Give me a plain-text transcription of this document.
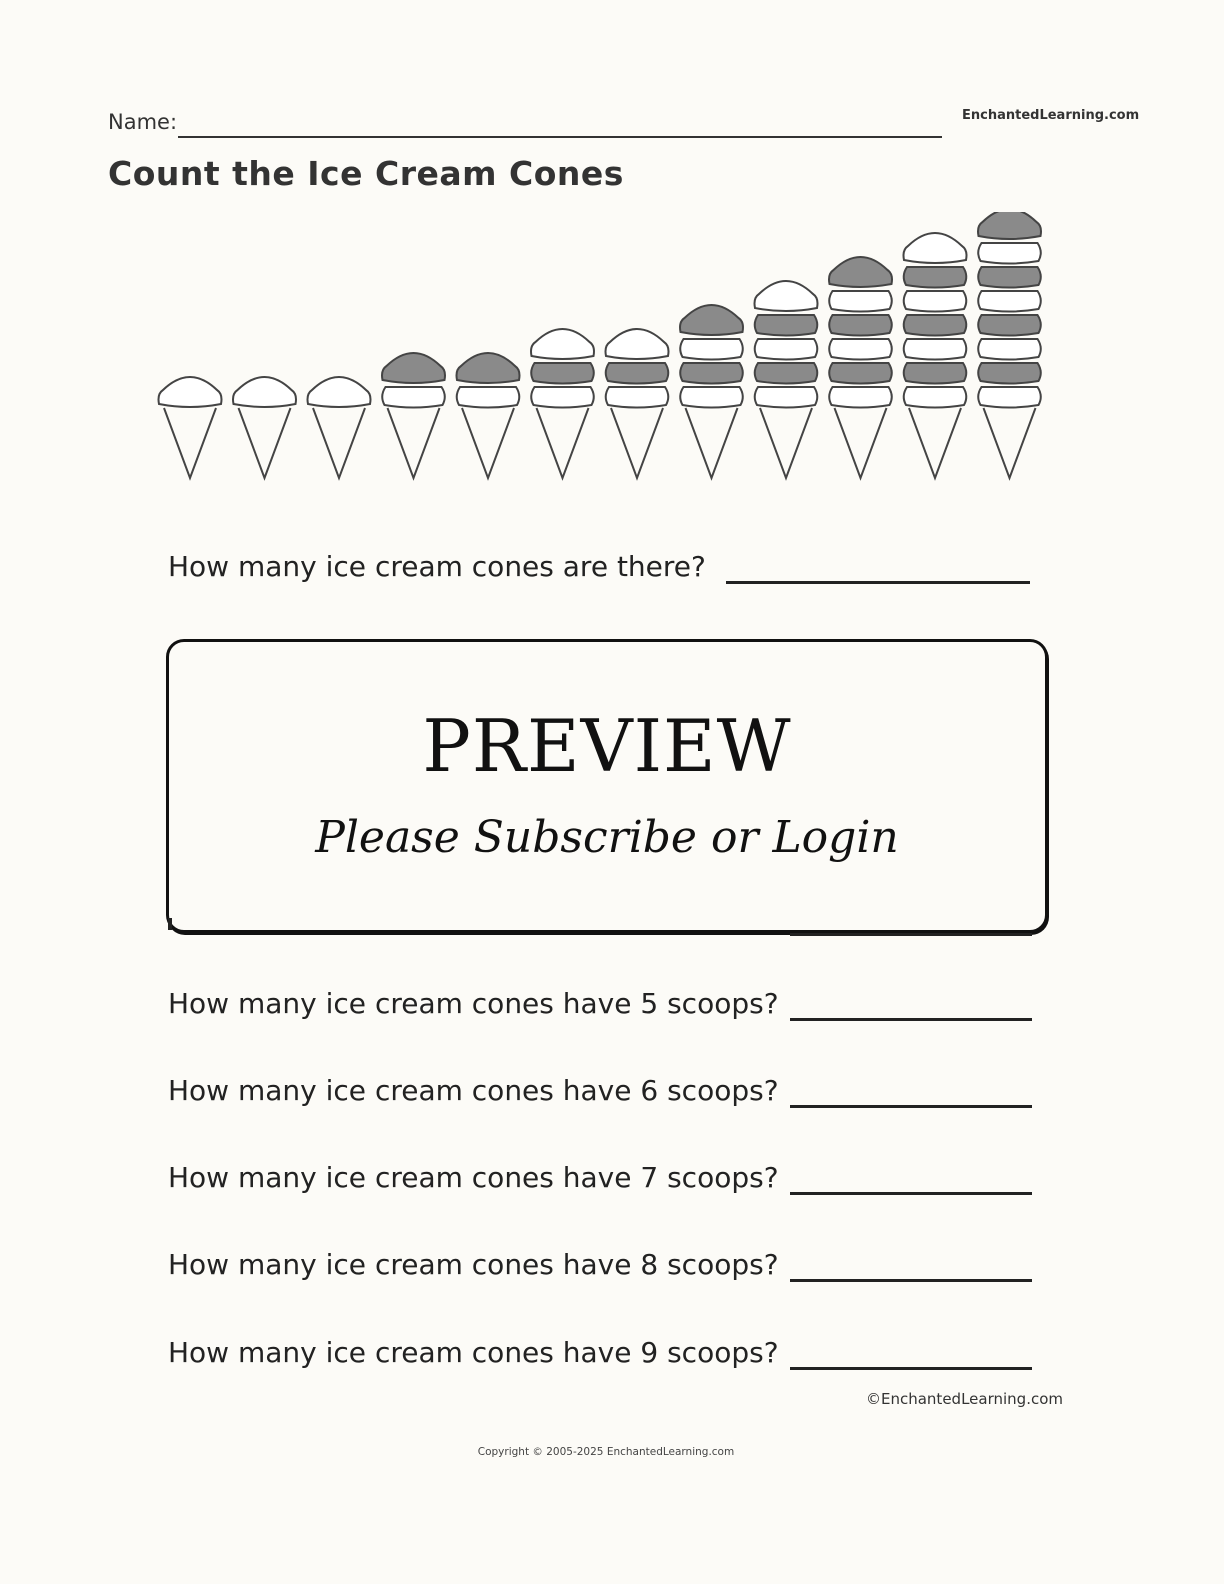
Name:	EnchantedLearning.com
Count the Ice Cream Cones
How many ice cream cones are there?
PREVIEW
Please Subscribe or Login
How many ice cream cones have 5 scoops?
How many ice cream cones have 6 scoops?
How many ice cream cones have 7 scoops?
How many ice cream cones have 8 scoops?
How many ice cream cones have 9 scoops?
©EnchantedLearning.com
Copyright © 2005-2025 EnchantedLearning.com
